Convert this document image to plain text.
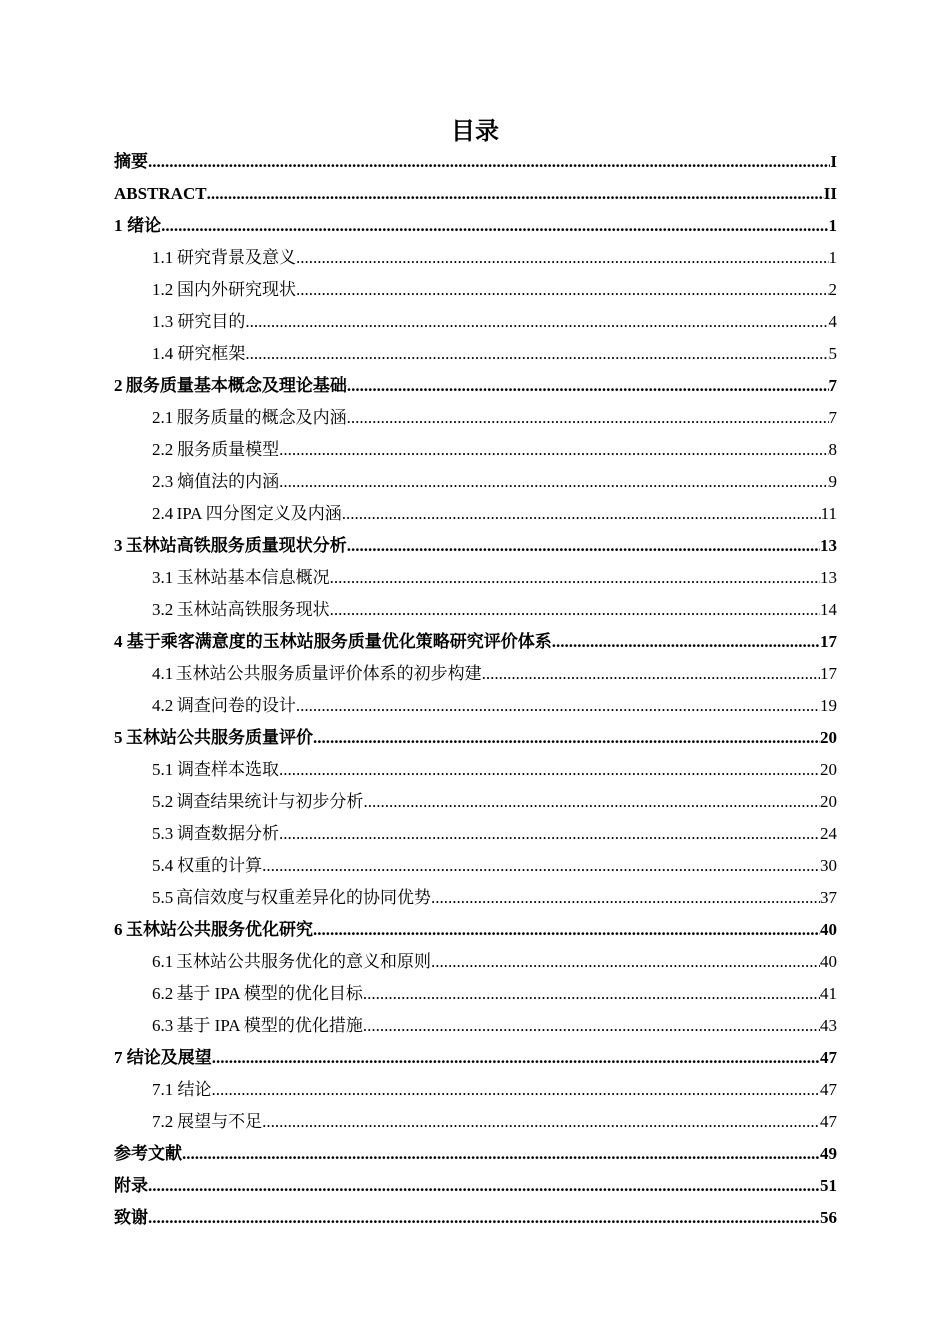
目录
摘要 .....	I
ABSTRACT .....	II
1 绪论 .....	1
1.1 研究背景及意义 .....	1
1.2 国内外研究现状 .....	2
1.3 研究目的 .....	4
1.4 研究框架 .....	5
2 服务质量基本概念及理论基础 .....	7
2.1 服务质量的概念及内涵 .....	7
2.2 服务质量模型 .....	8
2.3 熵值法的内涵 .....	9
2.4 IPA 四分图定义及内涵 .....	11
3 玉林站高铁服务质量现状分析 .....	13
3.1 玉林站基本信息概况 .....	13
3.2 玉林站高铁服务现状 .....	14
4 基于乘客满意度的玉林站服务质量优化策略研究评价体系 .....	17
4.1 玉林站公共服务质量评价体系的初步构建 .....	17
4.2 调查问卷的设计 .....	19
5 玉林站公共服务质量评价 .....	20
5.1 调查样本选取 .....	20
5.2 调查结果统计与初步分析 .....	20
5.3 调查数据分析 .....	24
5.4 权重的计算 .....	30
5.5 高信效度与权重差异化的协同优势 .....	37
6 玉林站公共服务优化研究 .....	40
6.1 玉林站公共服务优化的意义和原则 .....	40
6.2 基于 IPA 模型的优化目标 .....	41
6.3 基于 IPA 模型的优化措施 .....	43
7 结论及展望 .....	47
7.1 结论 .....	47
7.2 展望与不足 .....	47
参考文献 .....	49
附录 .....	51
致谢 .....	56
